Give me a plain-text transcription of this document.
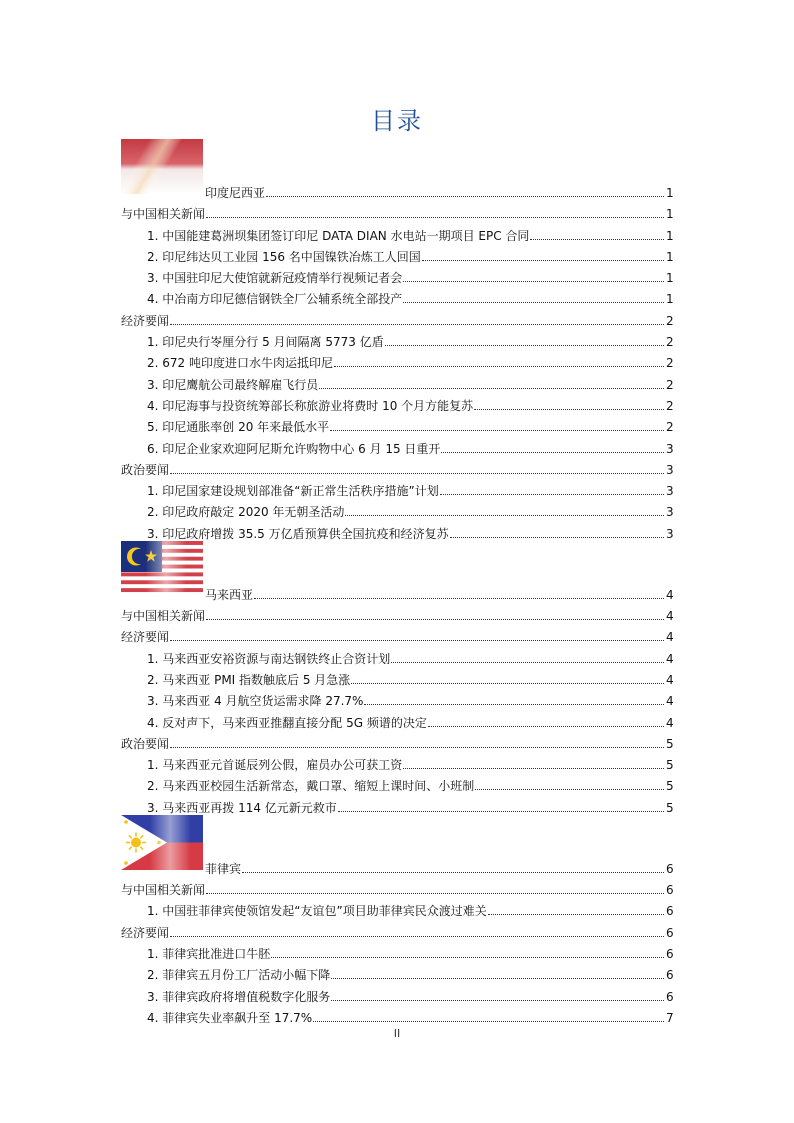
目录
印度尼西亚	1
与中国相关新闻	1
1. 中国能建葛洲坝集团签订印尼 DATA DIAN 水电站一期项目 EPC 合同	1
2. 印尼纬达贝工业园 156 名中国镍铁冶炼工人回国	1
3. 中国驻印尼大使馆就新冠疫情举行视频记者会	1
4. 中冶南方印尼德信钢铁全厂公辅系统全部投产	1
经济要闻	2
1. 印尼央行岺厘分行 5 月间隔离 5773 亿盾	2
2. 672 吨印度进口水牛肉运抵印尼	2
3. 印尼鹰航公司最终解雇飞行员	2
4. 印尼海事与投资统筹部长称旅游业将费时 10 个月方能复苏	2
5. 印尼通胀率创 20 年来最低水平	2
6. 印尼企业家欢迎阿尼斯允许购物中心 6 月 15 日重开	3
政治要闻	3
1. 印尼国家建设规划部准备“新正常生活秩序措施”计划	3
2. 印尼政府敲定 2020 年无朝圣活动	3
3. 印尼政府增拨 35.5 万亿盾预算供全国抗疫和经济复苏	3
马来西亚	4
与中国相关新闻	4
经济要闻	4
1. 马来西亚安裕资源与南达钢铁终止合资计划	4
2. 马来西亚 PMI 指数触底后 5 月急涨	4
3. 马来西亚 4 月航空货运需求降 27.7%	4
4. 反对声下，马来西亚推翻直接分配 5G 频谱的决定	4
政治要闻	5
1. 马来西亚元首诞辰列公假，雇员办公可获工资	5
2. 马来西亚校园生活新常态，戴口罩、缩短上课时间、小班制	5
3. 马来西亚再拨 114 亿元新元救市	5
菲律宾	6
与中国相关新闻	6
1. 中国驻菲律宾使领馆发起“友谊包”项目助菲律宾民众渡过难关	6
经济要闻	6
1. 菲律宾批准进口牛胚	6
2. 菲律宾五月份工厂活动小幅下降	6
3. 菲律宾政府将增值税数字化服务	6
4. 菲律宾失业率飙升至 17.7%	7
II
